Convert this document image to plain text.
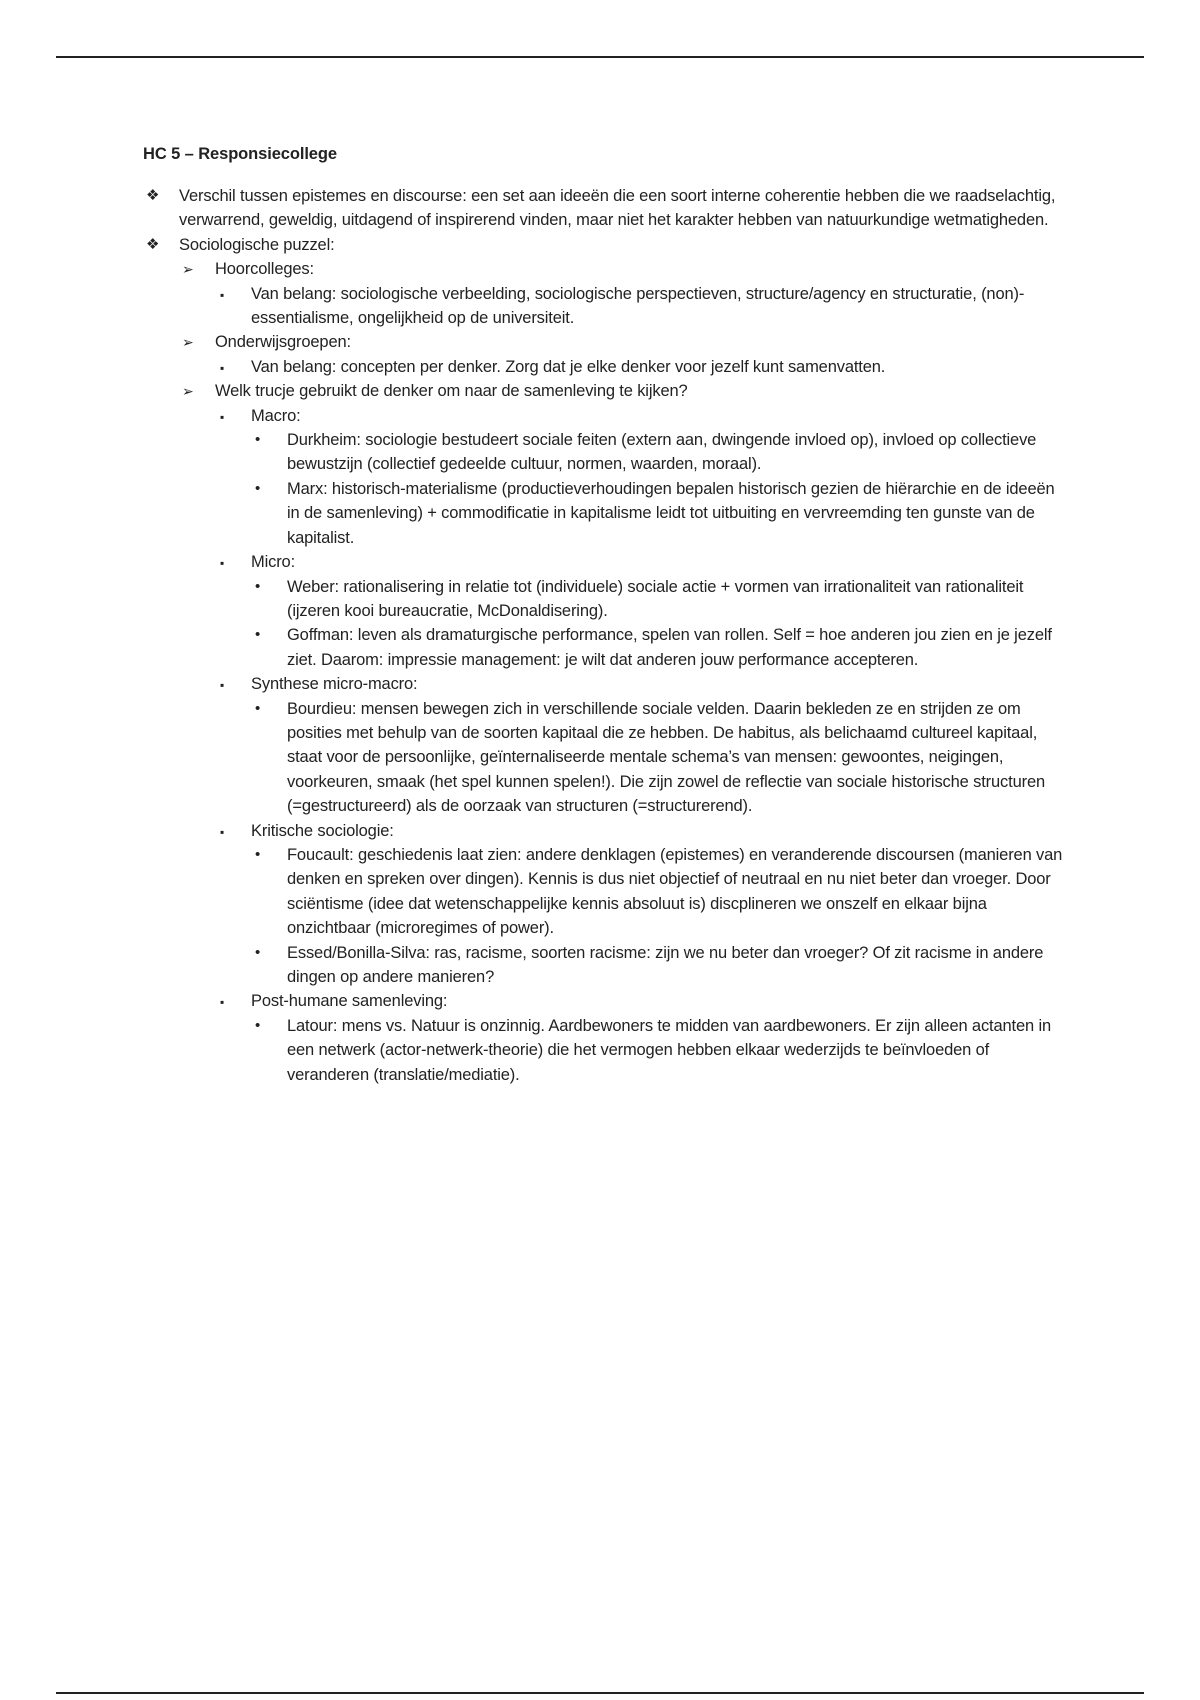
HC 5 – Responsiecollege
❖ Verschil tussen epistemes en discourse: een set aan ideeën die een soort interne coherentie hebben die we raadselachtig, verwarrend, geweldig, uitdagend of inspirerend vinden, maar niet het karakter hebben van natuurkundige wetmatigheden.
❖ Sociologische puzzel:
➢ Hoorcolleges:
▪ Van belang: sociologische verbeelding, sociologische perspectieven, structure/agency en structuratie, (non)-essentialisme, ongelijkheid op de universiteit.
➢ Onderwijsgroepen:
▪ Van belang: concepten per denker. Zorg dat je elke denker voor jezelf kunt samenvatten.
➢ Welk trucje gebruikt de denker om naar de samenleving te kijken?
▪ Macro:
• Durkheim: sociologie bestudeert sociale feiten (extern aan, dwingende invloed op), invloed op collectieve bewustzijn (collectief gedeelde cultuur, normen, waarden, moraal).
• Marx: historisch-materialisme (productieverhoudingen bepalen historisch gezien de hiërarchie en de ideeën in de samenleving) + commodificatie in kapitalisme leidt tot uitbuiting en vervreemding ten gunste van de kapitalist.
▪ Micro:
• Weber: rationalisering in relatie tot (individuele) sociale actie + vormen van irrationaliteit van rationaliteit (ijzeren kooi bureaucratie, McDonaldisering).
• Goffman: leven als dramaturgische performance, spelen van rollen. Self = hoe anderen jou zien en je jezelf ziet. Daarom: impressie management: je wilt dat anderen jouw performance accepteren.
▪ Synthese micro-macro:
• Bourdieu: mensen bewegen zich in verschillende sociale velden. Daarin bekleden ze en strijden ze om posities met behulp van de soorten kapitaal die ze hebben. De habitus, als belichaamd cultureel kapitaal, staat voor de persoonlijke, geïnternaliseerde mentale schema’s van mensen: gewoontes, neigingen, voorkeuren, smaak (het spel kunnen spelen!). Die zijn zowel de reflectie van sociale historische structuren (=gestructureerd) als de oorzaak van structuren (=structurerend).
▪ Kritische sociologie:
• Foucault: geschiedenis laat zien: andere denklagen (epistemes) en veranderende discoursen (manieren van denken en spreken over dingen). Kennis is dus niet objectief of neutraal en nu niet beter dan vroeger. Door sciëntisme (idee dat wetenschappelijke kennis absoluut is) discplineren we onszelf en elkaar bijna onzichtbaar (microregimes of power).
• Essed/Bonilla-Silva: ras, racisme, soorten racisme: zijn we nu beter dan vroeger? Of zit racisme in andere dingen op andere manieren?
▪ Post-humane samenleving:
• Latour: mens vs. Natuur is onzinnig. Aardbewoners te midden van aardbewoners. Er zijn alleen actanten in een netwerk (actor-netwerk-theorie) die het vermogen hebben elkaar wederzijds te beïnvloeden of veranderen (translatie/mediatie).
